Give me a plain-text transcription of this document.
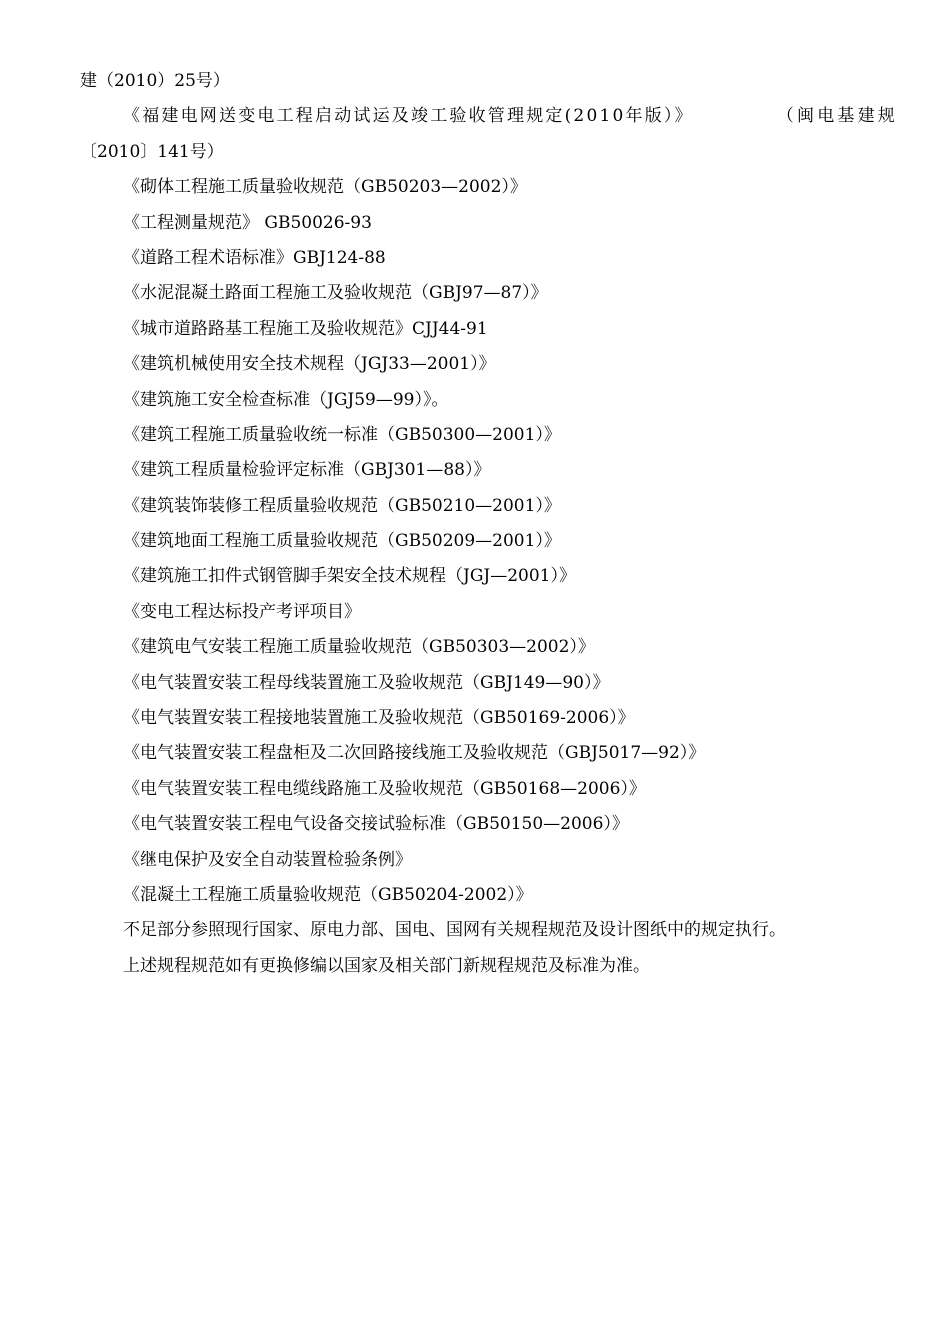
建（2010）25号）
《福建电网送变电工程启动试运及竣工验收管理规定(2010年版）》	（闽电基建规
〔2010〕141号）
《砌体工程施工质量验收规范（GB50203—2002）》
《工程测量规范》 GB50026-93
《道路工程术语标准》GBJ124-88
《水泥混凝土路面工程施工及验收规范（GBJ97—87）》
《城市道路路基工程施工及验收规范》CJJ44-91
《建筑机械使用安全技术规程（JGJ33—2001）》
《建筑施工安全检查标准（JGJ59—99）》。
《建筑工程施工质量验收统一标准（GB50300—2001）》
《建筑工程质量检验评定标准（GBJ301—88）》
《建筑装饰装修工程质量验收规范（GB50210—2001）》
《建筑地面工程施工质量验收规范（GB50209—2001）》
《建筑施工扣件式钢管脚手架安全技术规程（JGJ—2001）》
《变电工程达标投产考评项目》
《建筑电气安装工程施工质量验收规范（GB50303—2002）》
《电气装置安装工程母线装置施工及验收规范（GBJ149—90）》
《电气装置安装工程接地装置施工及验收规范（GB50169-2006）》
《电气装置安装工程盘柜及二次回路接线施工及验收规范（GBJ5017—92）》
《电气装置安装工程电缆线路施工及验收规范（GB50168—2006）》
《电气装置安装工程电气设备交接试验标准（GB50150—2006）》
《继电保护及安全自动装置检验条例》
《混凝土工程施工质量验收规范（GB50204-2002）》
不足部分参照现行国家、原电力部、国电、国网有关规程规范及设计图纸中的规定执行。
上述规程规范如有更换修编以国家及相关部门新规程规范及标准为准。
